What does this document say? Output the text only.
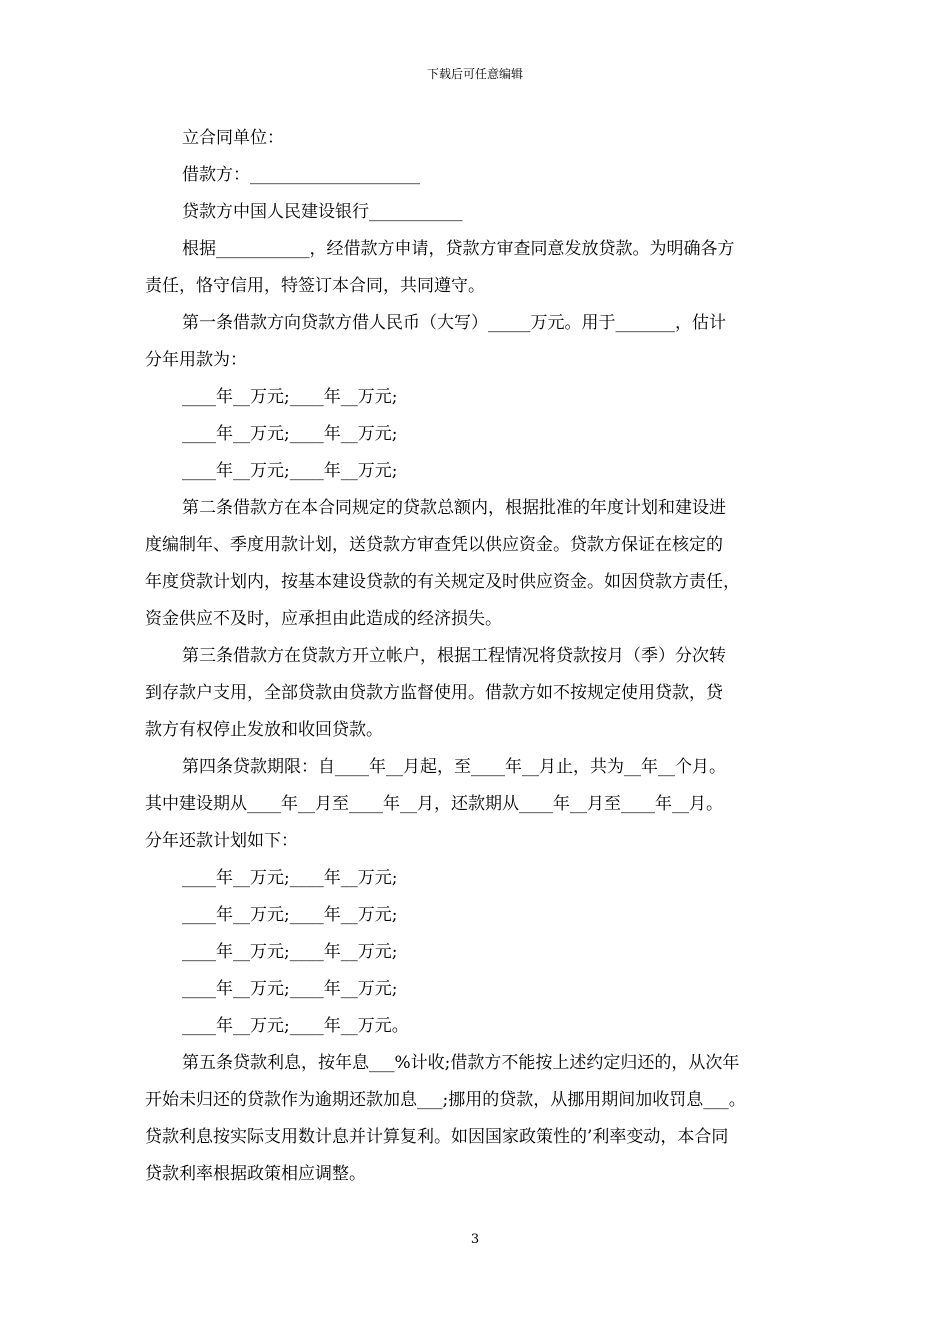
下载后可任意编辑
立合同单位：
借款方：____________________
贷款方中国人民建设银行___________
根据___________，经借款方申请，贷款方审查同意发放贷款。为明确各方
责任，恪守信用，特签订本合同，共同遵守。
第一条借款方向贷款方借人民币（大写）_____万元。用于_______，估计
分年用款为：
____年__万元;____年__万元;
____年__万元;____年__万元;
____年__万元;____年__万元;
第二条借款方在本合同规定的贷款总额内，根据批准的年度计划和建设进
度编制年、季度用款计划，送贷款方审查凭以供应资金。贷款方保证在核定的
年度贷款计划内，按基本建设贷款的有关规定及时供应资金。如因贷款方责任，
资金供应不及时，应承担由此造成的经济损失。
第三条借款方在贷款方开立帐户，根据工程情况将贷款按月（季）分次转
到存款户支用，全部贷款由贷款方监督使用。借款方如不按规定使用贷款，贷
款方有权停止发放和收回贷款。
第四条贷款期限：自____年__月起，至____年__月止，共为__年__个月。
其中建设期从____年__月至____年__月，还款期从____年__月至____年__月。
分年还款计划如下：
____年__万元;____年__万元;
____年__万元;____年__万元;
____年__万元;____年__万元;
____年__万元;____年__万元;
____年__万元;____年__万元。
第五条贷款利息，按年息___%计收;借款方不能按上述约定归还的，从次年
开始未归还的贷款作为逾期还款加息___;挪用的贷款，从挪用期间加收罚息___。
贷款利息按实际支用数计息并计算复利。如因国家政策性的’利率变动，本合同
贷款利率根据政策相应调整。
3
